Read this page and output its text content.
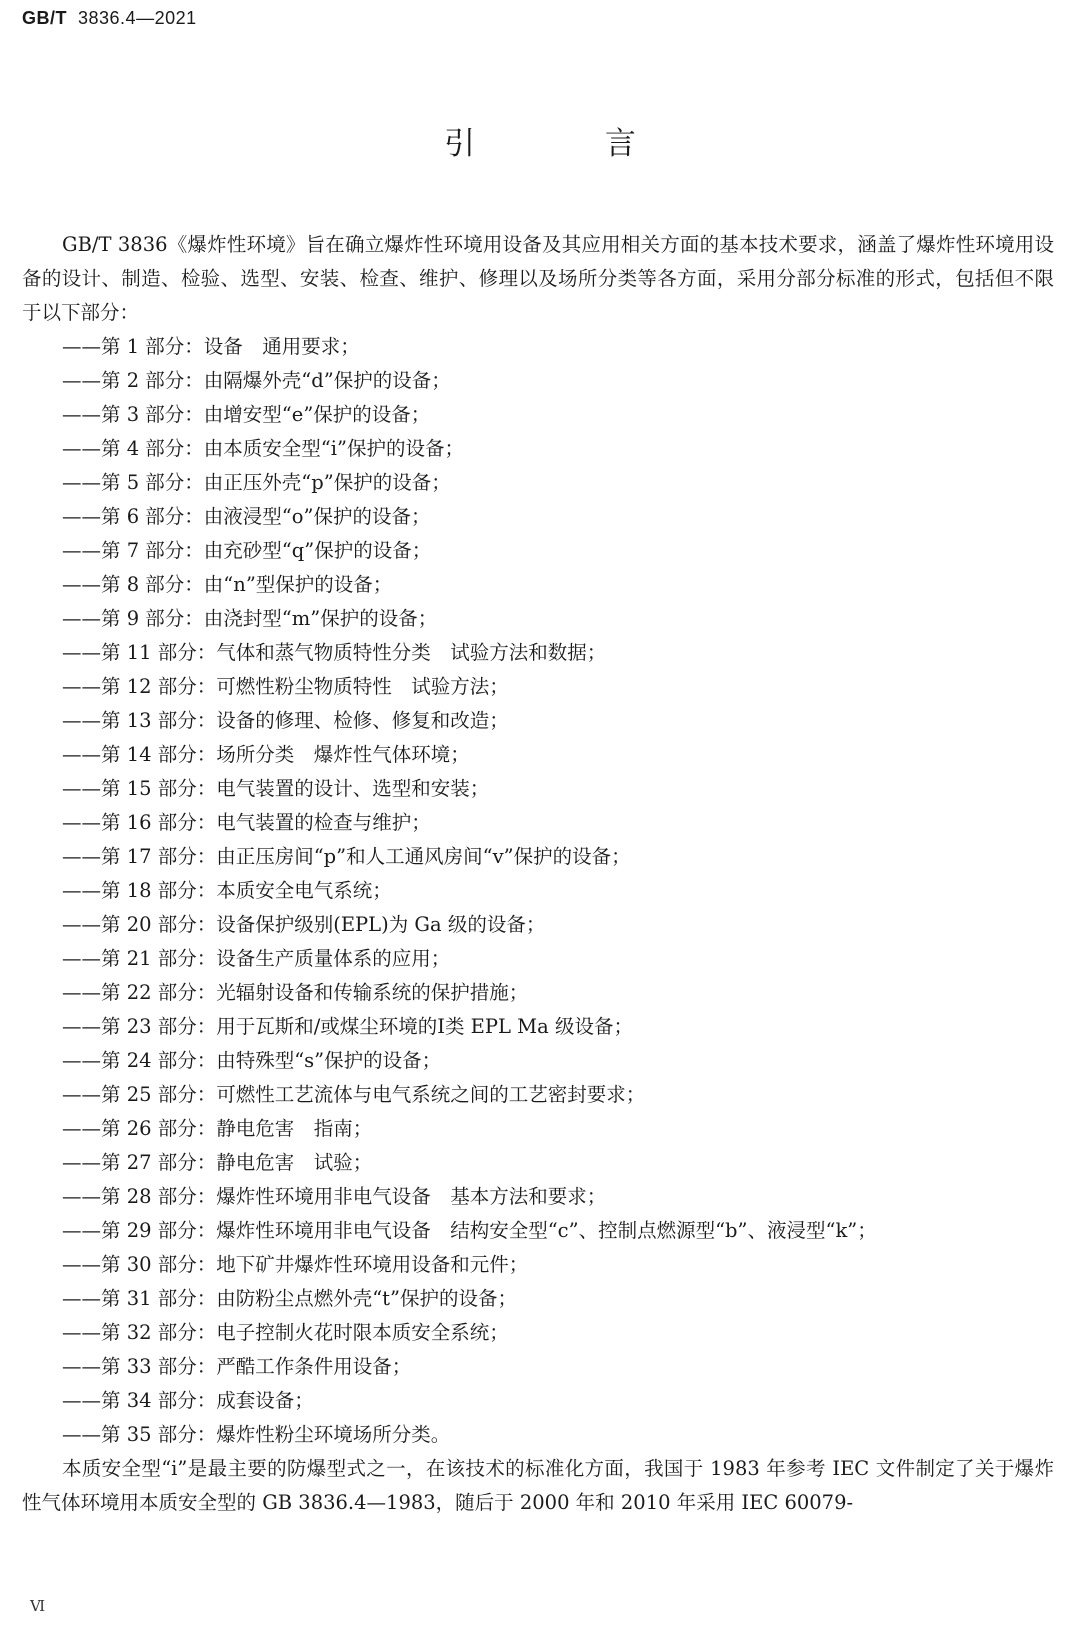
GB/T 3836.4—2021
引 言

GB/T 3836《爆炸性环境》旨在确立爆炸性环境用设备及其应用相关方面的基本技术要求，涵盖了爆炸性环境用设备的设计、制造、检验、选型、安装、检查、维护、修理以及场所分类等各方面，采用分部分标准的形式，包括但不限于以下部分：

——第 1 部分：设备　通用要求；
——第 2 部分：由隔爆外壳“d”保护的设备；
——第 3 部分：由增安型“e”保护的设备；
——第 4 部分：由本质安全型“i”保护的设备；
——第 5 部分：由正压外壳“p”保护的设备；
——第 6 部分：由液浸型“o”保护的设备；
——第 7 部分：由充砂型“q”保护的设备；
——第 8 部分：由“n”型保护的设备；
——第 9 部分：由浇封型“m”保护的设备；
——第 11 部分：气体和蒸气物质特性分类　试验方法和数据；
——第 12 部分：可燃性粉尘物质特性　试验方法；
——第 13 部分：设备的修理、检修、修复和改造；
——第 14 部分：场所分类　爆炸性气体环境；
——第 15 部分：电气装置的设计、选型和安装；
——第 16 部分：电气装置的检查与维护；
——第 17 部分：由正压房间“p”和人工通风房间“v”保护的设备；
——第 18 部分：本质安全电气系统；
——第 20 部分：设备保护级别(EPL)为 Ga 级的设备；
——第 21 部分：设备生产质量体系的应用；
——第 22 部分：光辐射设备和传输系统的保护措施；
——第 23 部分：用于瓦斯和/或煤尘环境的Ⅰ类 EPL Ma 级设备；
——第 24 部分：由特殊型“s”保护的设备；
——第 25 部分：可燃性工艺流体与电气系统之间的工艺密封要求；
——第 26 部分：静电危害　指南；
——第 27 部分：静电危害　试验；
——第 28 部分：爆炸性环境用非电气设备　基本方法和要求；
——第 29 部分：爆炸性环境用非电气设备　结构安全型“c”、控制点燃源型“b”、液浸型“k”；
——第 30 部分：地下矿井爆炸性环境用设备和元件；
——第 31 部分：由防粉尘点燃外壳“t”保护的设备；
——第 32 部分：电子控制火花时限本质安全系统；
——第 33 部分：严酷工作条件用设备；
——第 34 部分：成套设备；
——第 35 部分：爆炸性粉尘环境场所分类。

本质安全型“i”是最主要的防爆型式之一，在该技术的标准化方面，我国于 1983 年参考 IEC 文件制定了关于爆炸性气体环境用本质安全型的 GB 3836.4—1983，随后于 2000 年和 2010 年采用 IEC 60079-

Ⅵ
